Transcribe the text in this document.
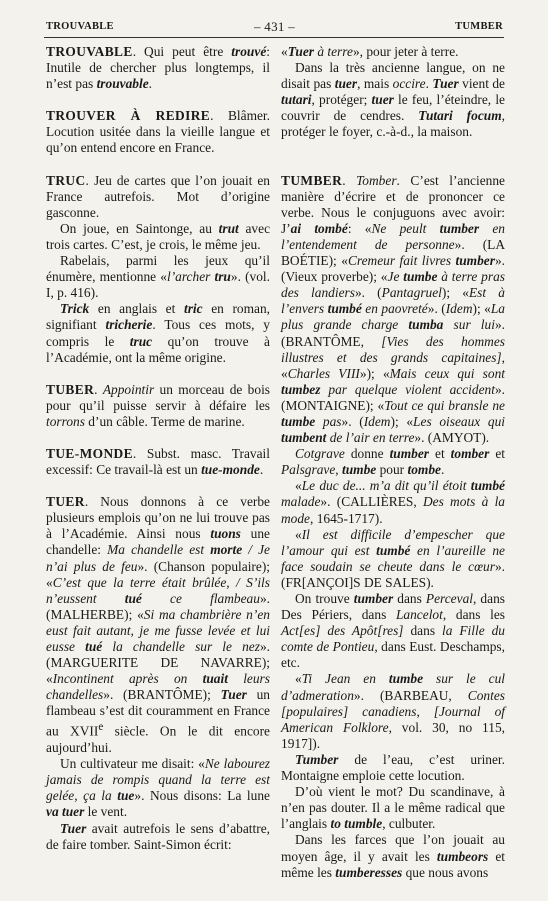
TROUVABLE	– 431 –	TUMBER

TROUVABLE. Qui peut être trouvé: Inutile de chercher plus longtemps, il n’est pas trouvable.

TROUVER À REDIRE. Blâmer. Locution usitée dans la vieille langue et qu’on entend encore en France.

TRUC. Jeu de cartes que l’on jouait en France autrefois. Mot d’origine gasconne.

On joue, en Saintonge, au trut avec trois cartes. C’est, je crois, le même jeu.

Rabelais, parmi les jeux qu’il énumère, mentionne «l’archer tru». (vol. I, p. 416).

Trick en anglais et tric en roman, signifiant tricherie. Tous ces mots, y compris le truc qu’on trouve à l’Académie, ont la même origine.

TUBER. Appointir un morceau de bois pour qu’il puisse servir à défaire les torrons d’un câble. Terme de marine.

TUE-MONDE. Subst. masc. Travail excessif: Ce travail-là est un tue-monde.

TUER. Nous donnons à ce verbe plusieurs emplois qu’on ne lui trouve pas à l’Académie. Ainsi nous tuons une chandelle: Ma chandelle est morte / Je n’ai plus de feu». (Chanson populaire); «C’est que la terre était brûlée, / S’ils n’eussent tué ce flambeau». (MALHERBE); «Si ma chambrière n’en eust fait autant, je me fusse levée et lui eusse tué la chandelle sur le nez». (MARGUERITE DE NAVARRE); «Incontinent après on tuait leurs chandelles». (BRANTÔME); Tuer un flambeau s’est dit couramment en France au XVIIe siècle. On le dit encore aujourd’hui.

Un cultivateur me disait: «Ne labourez jamais de rompis quand la terre est gelée, ça la tue». Nous disons: La lune va tuer le vent.

Tuer avait autrefois le sens d’abattre, de faire tomber. Saint-Simon écrit:

«Tuer à terre», pour jeter à terre.

Dans la très ancienne langue, on ne disait pas tuer, mais occire. Tuer vient de tutari, protéger; tuer le feu, l’éteindre, le couvrir de cendres. Tutari focum, protéger le foyer, c.-à-d., la maison.

TUMBER. Tomber. C’est l’ancienne manière d’écrire et de prononcer ce verbe. Nous le conjuguons avec avoir: J’ai tombé: «Ne peult tumber en l’entendement de personne». (LA BOÉTIE); «Cremeur fait livres tumber». (Vieux proverbe); «Je tumbe à terre pras des landiers». (Pantagruel); «Est à l’envers tumbé en paovreté». (Idem); «La plus grande charge tumba sur lui». (BRANTÔME, [Vies des hommes illustres et des grands capitaines], «Charles VIII»); «Mais ceux qui sont tumbez par quelque violent accident». (MONTAIGNE); «Tout ce qui bransle ne tumbe pas». (Idem); «Les oiseaux qui tumbent de l’air en terre». (AMYOT).

Cotgrave donne tumber et tomber et Palsgrave, tumbe pour tombe.

«Le duc de... m’a dit qu’il étoit tumbé malade». (CALLIÈRES, Des mots à la mode, 1645-1717).

«Il est difficile d’empescher que l’amour qui est tumbé en l’aureille ne face soudain se cheute dans le cœur». (FR[ANÇOI]S DE SALES).

On trouve tumber dans Perceval, dans Des Périers, dans Lancelot, dans les Act[es] des Apôt[res] dans la Fille du comte de Pontieu, dans Eust. Deschamps, etc.

«Ti Jean en tumbe sur le cul d’admeration». (BARBEAU, Contes [populaires] canadiens, [Journal of American Folklore, vol. 30, no 115, 1917]).

Tumber de l’eau, c’est uriner. Montaigne emploie cette locution.

D’où vient le mot? Du scandinave, à n’en pas douter. Il a le même radical que l’anglais to tumble, culbuter.

Dans les farces que l’on jouait au moyen âge, il y avait les tumbeors et même les tumberesses que nous avons
